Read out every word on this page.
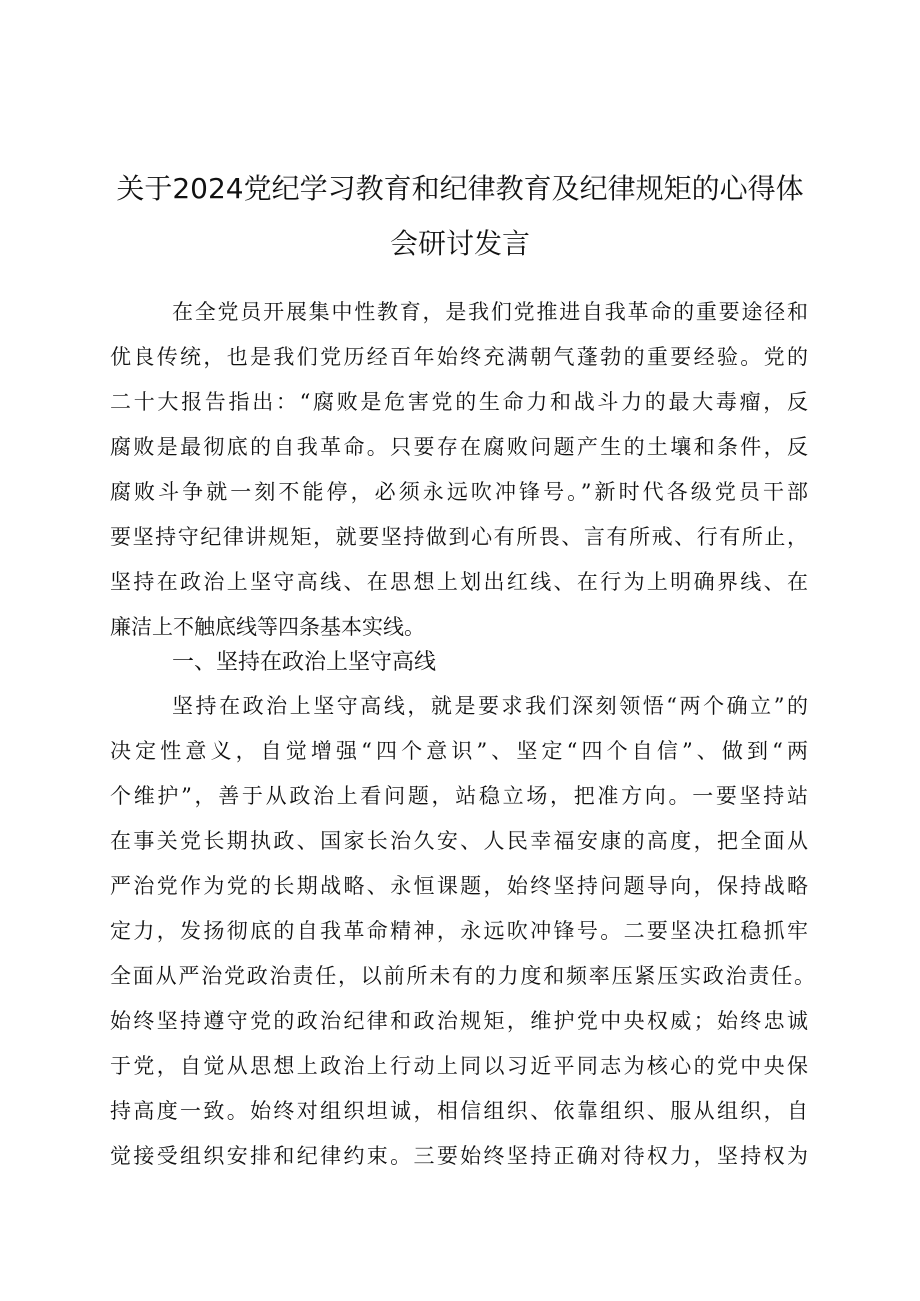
关于2024党纪学习教育和纪律教育及纪律规矩的心得体
会研讨发言
在全党员开展集中性教育，是我们党推进自我革命的重要途径和
优良传统，也是我们党历经百年始终充满朝气蓬勃的重要经验。党的
二十大报告指出：“腐败是危害党的生命力和战斗力的最大毒瘤，反
腐败是最彻底的自我革命。只要存在腐败问题产生的土壤和条件，反
腐败斗争就一刻不能停，必须永远吹冲锋号。”新时代各级党员干部
要坚持守纪律讲规矩，就要坚持做到心有所畏、言有所戒、行有所止，
坚持在政治上坚守高线、在思想上划出红线、在行为上明确界线、在
廉洁上不触底线等四条基本实线。
一、坚持在政治上坚守高线
坚持在政治上坚守高线，就是要求我们深刻领悟“两个确立”的
决定性意义，自觉增强“四个意识”、坚定“四个自信”、做到“两
个维护”，善于从政治上看问题，站稳立场，把准方向。一要坚持站
在事关党长期执政、国家长治久安、人民幸福安康的高度，把全面从
严治党作为党的长期战略、永恒课题，始终坚持问题导向，保持战略
定力，发扬彻底的自我革命精神，永远吹冲锋号。二要坚决扛稳抓牢
全面从严治党政治责任，以前所未有的力度和频率压紧压实政治责任。
始终坚持遵守党的政治纪律和政治规矩，维护党中央权威；始终忠诚
于党，自觉从思想上政治上行动上同以习近平同志为核心的党中央保
持高度一致。始终对组织坦诚，相信组织、依靠组织、服从组织，自
觉接受组织安排和纪律约束。三要始终坚持正确对待权力，坚持权为
